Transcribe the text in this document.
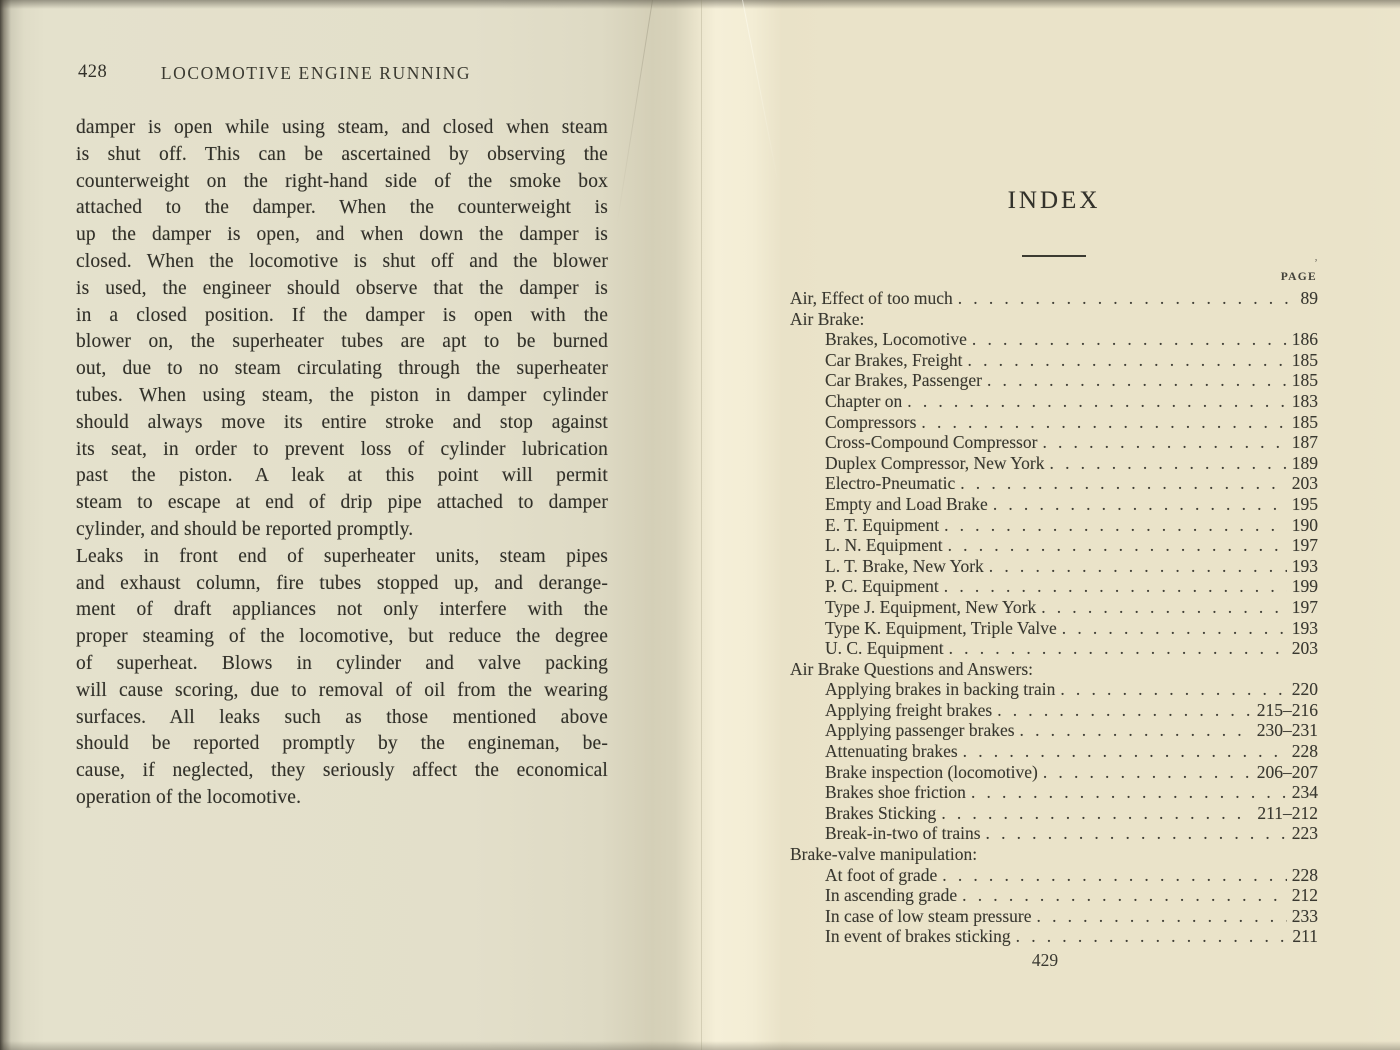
ʼ
428	LOCOMOTIVE ENGINE RUNNING
damper is open while using steam, and closed when steam
is shut off. This can be ascertained by observing the
counterweight on the right-hand side of the smoke box
attached to the damper. When the counterweight is
up the damper is open, and when down the damper is
closed. When the locomotive is shut off and the blower
is used, the engineer should observe that the damper is
in a closed position. If the damper is open with the
blower on, the superheater tubes are apt to be burned
out, due to no steam circulating through the superheater
tubes. When using steam, the piston in damper cylinder
should always move its entire stroke and stop against
its seat, in order to prevent loss of cylinder lubrication
past the piston. A leak at this point will permit
steam to escape at end of drip pipe attached to damper
cylinder, and should be reported promptly.
Leaks in front end of superheater units, steam pipes
and exhaust column, fire tubes stopped up, and derange-
ment of draft appliances not only interfere with the
proper steaming of the locomotive, but reduce the degree
of superheat. Blows in cylinder and valve packing
will cause scoring, due to removal of oil from the wearing
surfaces. All leaks such as those mentioned above
should be reported promptly by the engineman, be-
cause, if neglected, they seriously affect the economical
operation of the locomotive.
INDEX
PAGE
Air, Effect of too much . . .	89
Air Brake:
Brakes, Locomotive . . .	186
Car Brakes, Freight . . .	185
Car Brakes, Passenger . . .	185
Chapter on . . .	183
Compressors . . .	185
Cross-Compound Compressor . . .	187
Duplex Compressor, New York . . .	189
Electro-Pneumatic . . .	203
Empty and Load Brake . . .	195
E. T. Equipment . . .	190
L. N. Equipment . . .	197
L. T. Brake, New York . . .	193
P. C. Equipment . . .	199
Type J. Equipment, New York . . .	197
Type K. Equipment, Triple Valve . . .	193
U. C. Equipment . . .	203
Air Brake Questions and Answers:
Applying brakes in backing train . . .	220
Applying freight brakes . . .	215–216
Applying passenger brakes . . .	230–231
Attenuating brakes . . .	228
Brake inspection (locomotive) . . .	206–207
Brakes shoe friction . . .	234
Brakes Sticking . . .	211–212
Break-in-two of trains . . .	223
Brake-valve manipulation:
At foot of grade . . .	228
In ascending grade . . .	212
In case of low steam pressure . . .	233
In event of brakes sticking . . .	211
429
